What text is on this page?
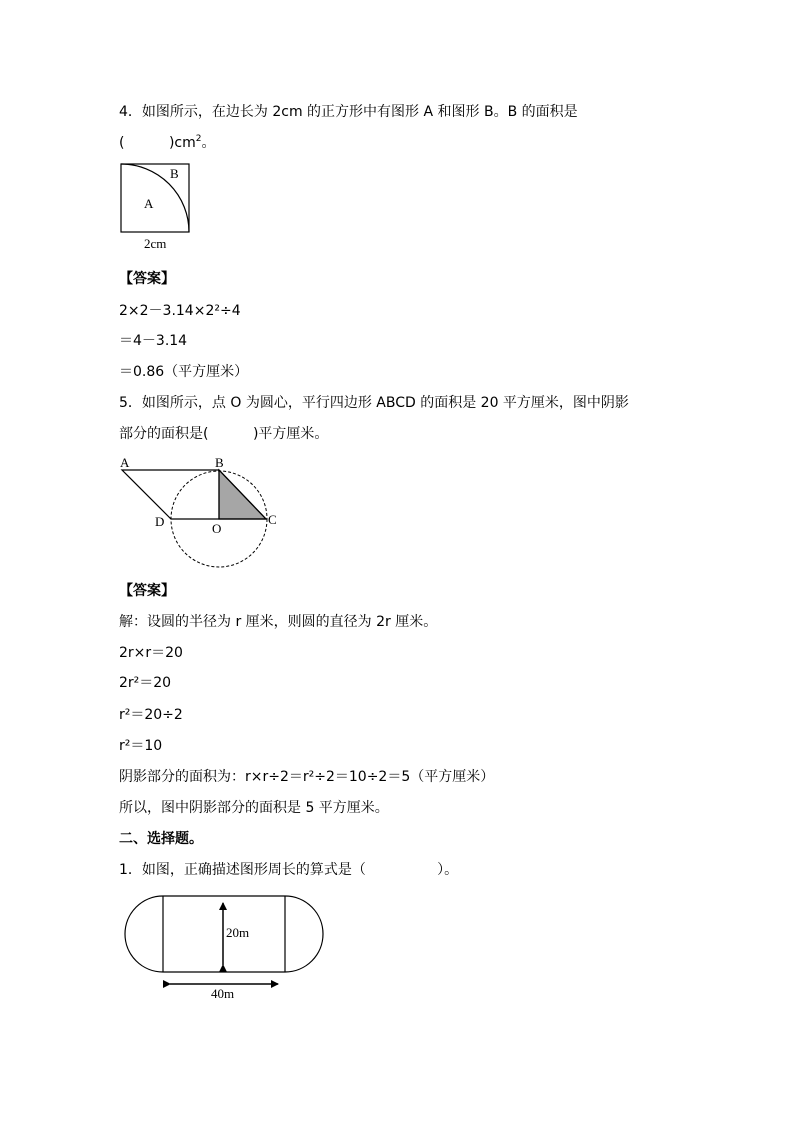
4．如图所示，在边长为 2cm 的正方形中有图形 A 和图形 B。B 的面积是
(          )$cm^2$。
A
B
2cm
【答案】
2×2－3.14×2²÷4
＝4－3.14
＝0.86（平方厘米）
5．如图所示，点 O 为圆心，平行四边形 ABCD 的面积是 20 平方厘米，图中阴影
部分的面积是(          )平方厘米。
A	B
C
D	O
【答案】
解：设圆的半径为 r 厘米，则圆的直径为 2r 厘米。
2r×r＝20
2r²＝20
r²＝20÷2
r²＝10
阴影部分的面积为：r×r÷2＝r²÷2＝10÷2＝5（平方厘米）
所以，图中阴影部分的面积是 5 平方厘米。
二、选择题。
1．如图，正确描述图形周长的算式是（                ）。
20m
40m
